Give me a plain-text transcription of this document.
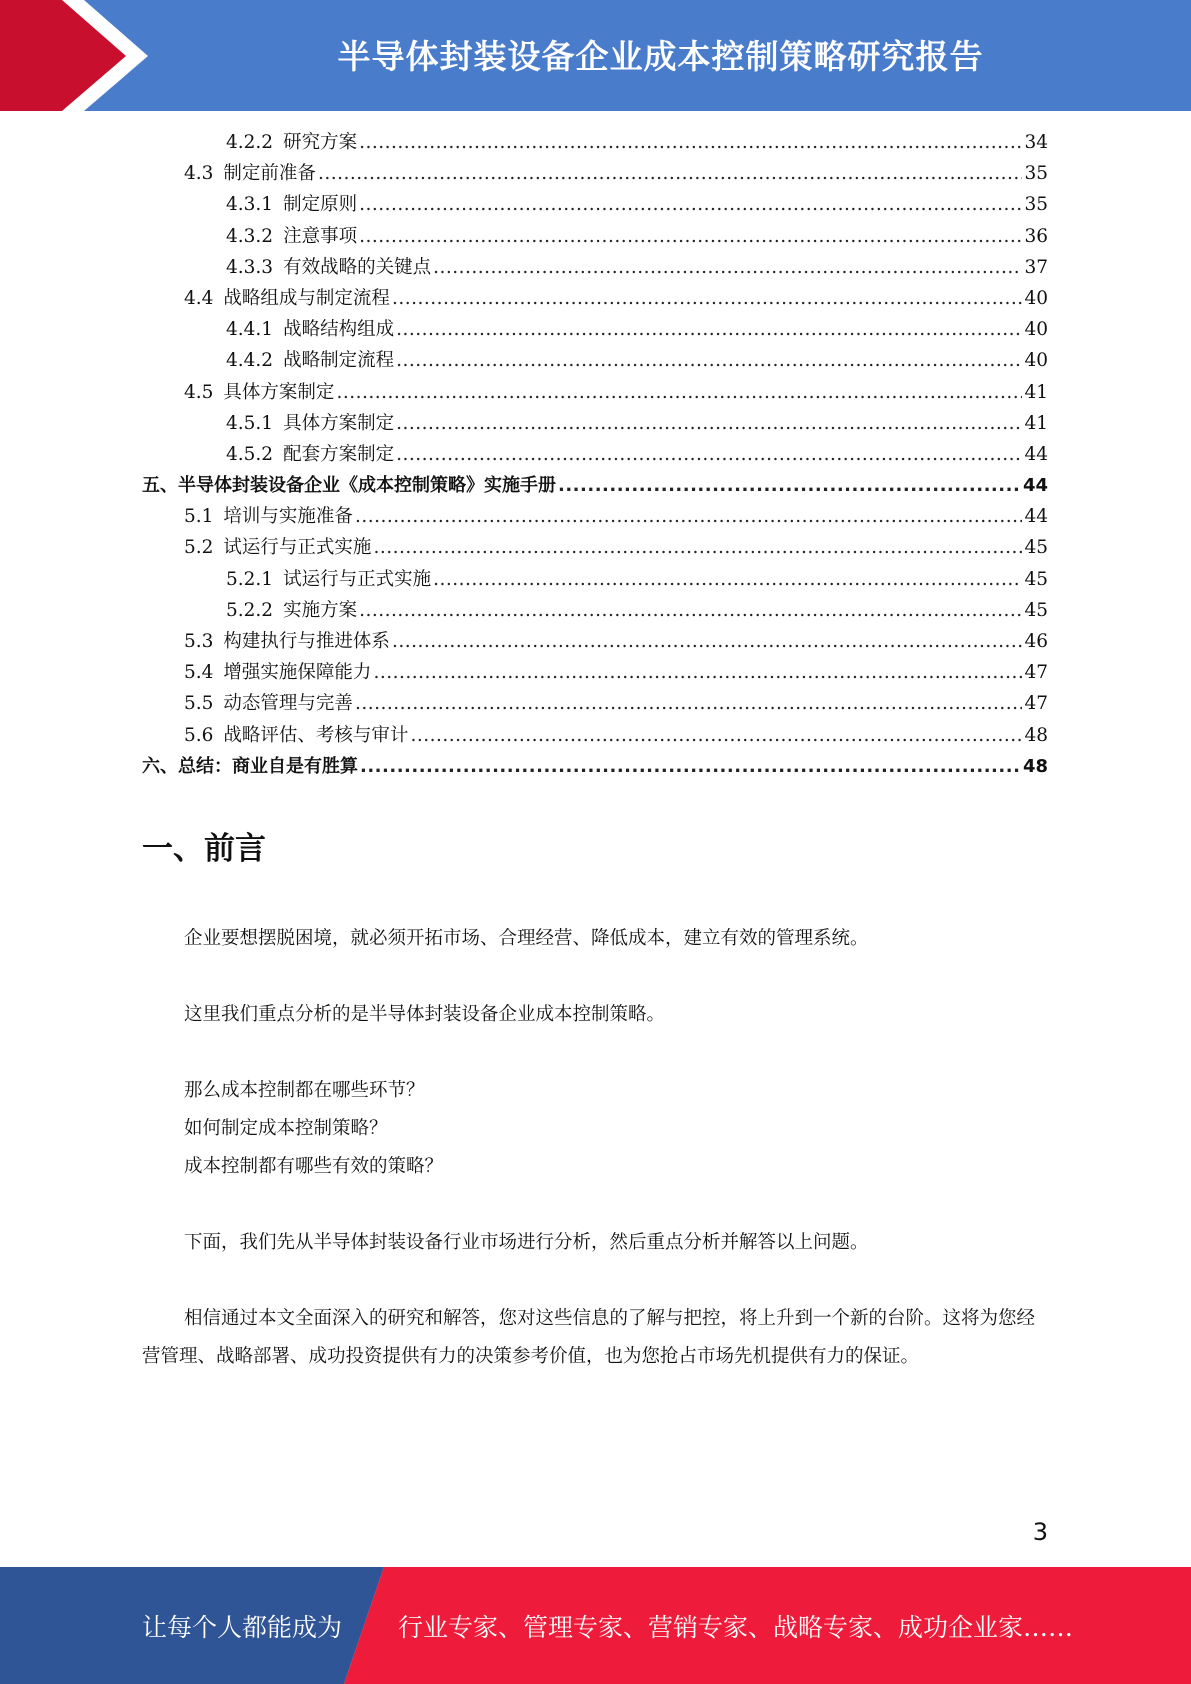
半导体封装设备企业成本控制策略研究报告
4.2.2 研究方案 .....	34
4.3 制定前准备 .....	35
4.3.1 制定原则 .....	35
4.3.2 注意事项 .....	36
4.3.3 有效战略的关键点 .....	37
4.4 战略组成与制定流程 .....	40
4.4.1 战略结构组成 .....	40
4.4.2 战略制定流程 .....	40
4.5 具体方案制定 .....	41
4.5.1 具体方案制定 .....	41
4.5.2 配套方案制定 .....	44
五、半导体封装设备企业《成本控制策略》实施手册 .....	44
5.1 培训与实施准备 .....	44
5.2 试运行与正式实施 .....	45
5.2.1 试运行与正式实施 .....	45
5.2.2 实施方案 .....	45
5.3 构建执行与推进体系 .....	46
5.4 增强实施保障能力 .....	47
5.5 动态管理与完善 .....	47
5.6 战略评估、考核与审计 .....	48
六、总结：商业自是有胜算 .....	48
一、前言

企业要想摆脱困境，就必须开拓市场、合理经营、降低成本，建立有效的管理系统。

这里我们重点分析的是半导体封装设备企业成本控制策略。

那么成本控制都在哪些环节？
如何制定成本控制策略？
成本控制都有哪些有效的策略？

下面，我们先从半导体封装设备行业市场进行分析，然后重点分析并解答以上问题。

相信通过本文全面深入的研究和解答，您对这些信息的了解与把控，将上升到一个新的台阶。这将为您经营管理、战略部署、成功投资提供有力的决策参考价值，也为您抢占市场先机提供有力的保证。

3
让每个人都能成为 行业专家、管理专家、营销专家、战略专家、成功企业家……
